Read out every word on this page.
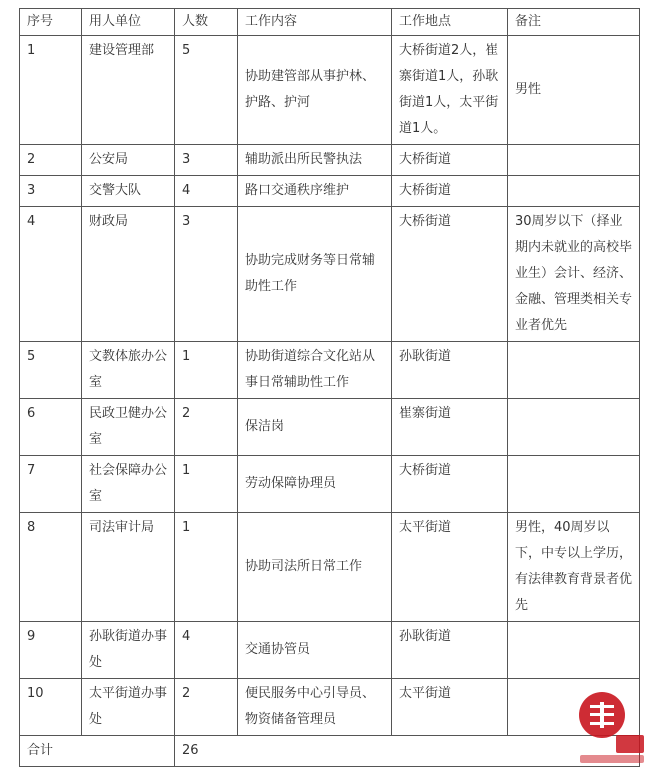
序号	用人单位	人数	工作内容	工作地点	备注
1	建设管理部	5	协助建管部从事护林、护路、护河	大桥街道2人，崔寨街道1人，孙耿街道1人，太平街道1人。	男性
2	公安局	3	辅助派出所民警执法	大桥街道	
3	交警大队	4	路口交通秩序维护	大桥街道	
4	财政局	3	协助完成财务等日常辅助性工作	大桥街道	30周岁以下（择业期内未就业的高校毕业生）会计、经济、金融、管理类相关专业者优先
5	文教体旅办公室	1	协助街道综合文化站从事日常辅助性工作	孙耿街道	
6	民政卫健办公室	2	保洁岗	崔寨街道	
7	社会保障办公室	1	劳动保障协理员	大桥街道	
8	司法审计局	1	协助司法所日常工作	太平街道	男性，40周岁以下，中专以上学历，有法律教育背景者优先
9	孙耿街道办事处	4	交通协管员	孙耿街道	
10	太平街道办事处	2	便民服务中心引导员、物资储备管理员	太平街道	
合计		26			
